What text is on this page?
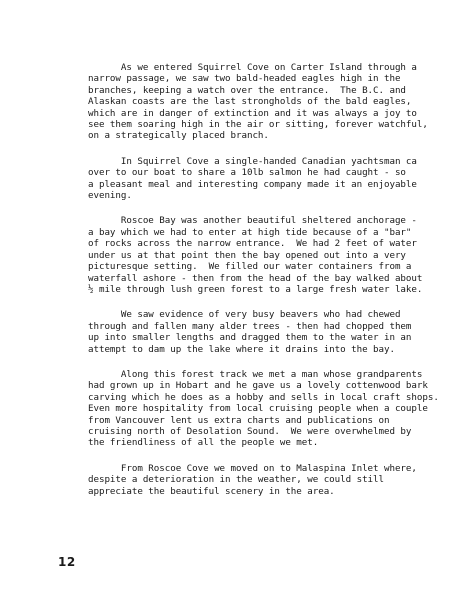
As we entered Squirrel Cove on Carter Island through a
narrow passage, we saw two bald-headed eagles high in the
branches, keeping a watch over the entrance.  The B.C. and
Alaskan coasts are the last strongholds of the bald eagles,
which are in danger of extinction and it was always a joy to
see them soaring high in the air or sitting, forever watchful,
on a strategically placed branch.

In Squirrel Cove a single-handed Canadian yachtsman ca
over to our boat to share a 10lb salmon he had caught - so
a pleasant meal and interesting company made it an enjoyable
evening.

Roscoe Bay was another beautiful sheltered anchorage -
a bay which we had to enter at high tide because of a "bar"
of rocks across the narrow entrance.  We had 2 feet of water
under us at that point then the bay opened out into a very
picturesque setting.  We filled our water containers from a
waterfall ashore - then from the head of the bay walked about
½ mile through lush green forest to a large fresh water lake.

We saw evidence of very busy beavers who had chewed
through and fallen many alder trees - then had chopped them
up into smaller lengths and dragged them to the water in an
attempt to dam up the lake where it drains into the bay.

Along this forest track we met a man whose grandparents
had grown up in Hobart and he gave us a lovely cottenwood bark
carving which he does as a hobby and sells in local craft shops.
Even more hospitality from local cruising people when a couple
from Vancouver lent us extra charts and publications on
cruising north of Desolation Sound.  We were overwhelmed by
the friendliness of all the people we met.

From Roscoe Cove we moved on to Malaspina Inlet where,
despite a deterioration in the weather, we could still
appreciate the beautiful scenery in the area.

12
